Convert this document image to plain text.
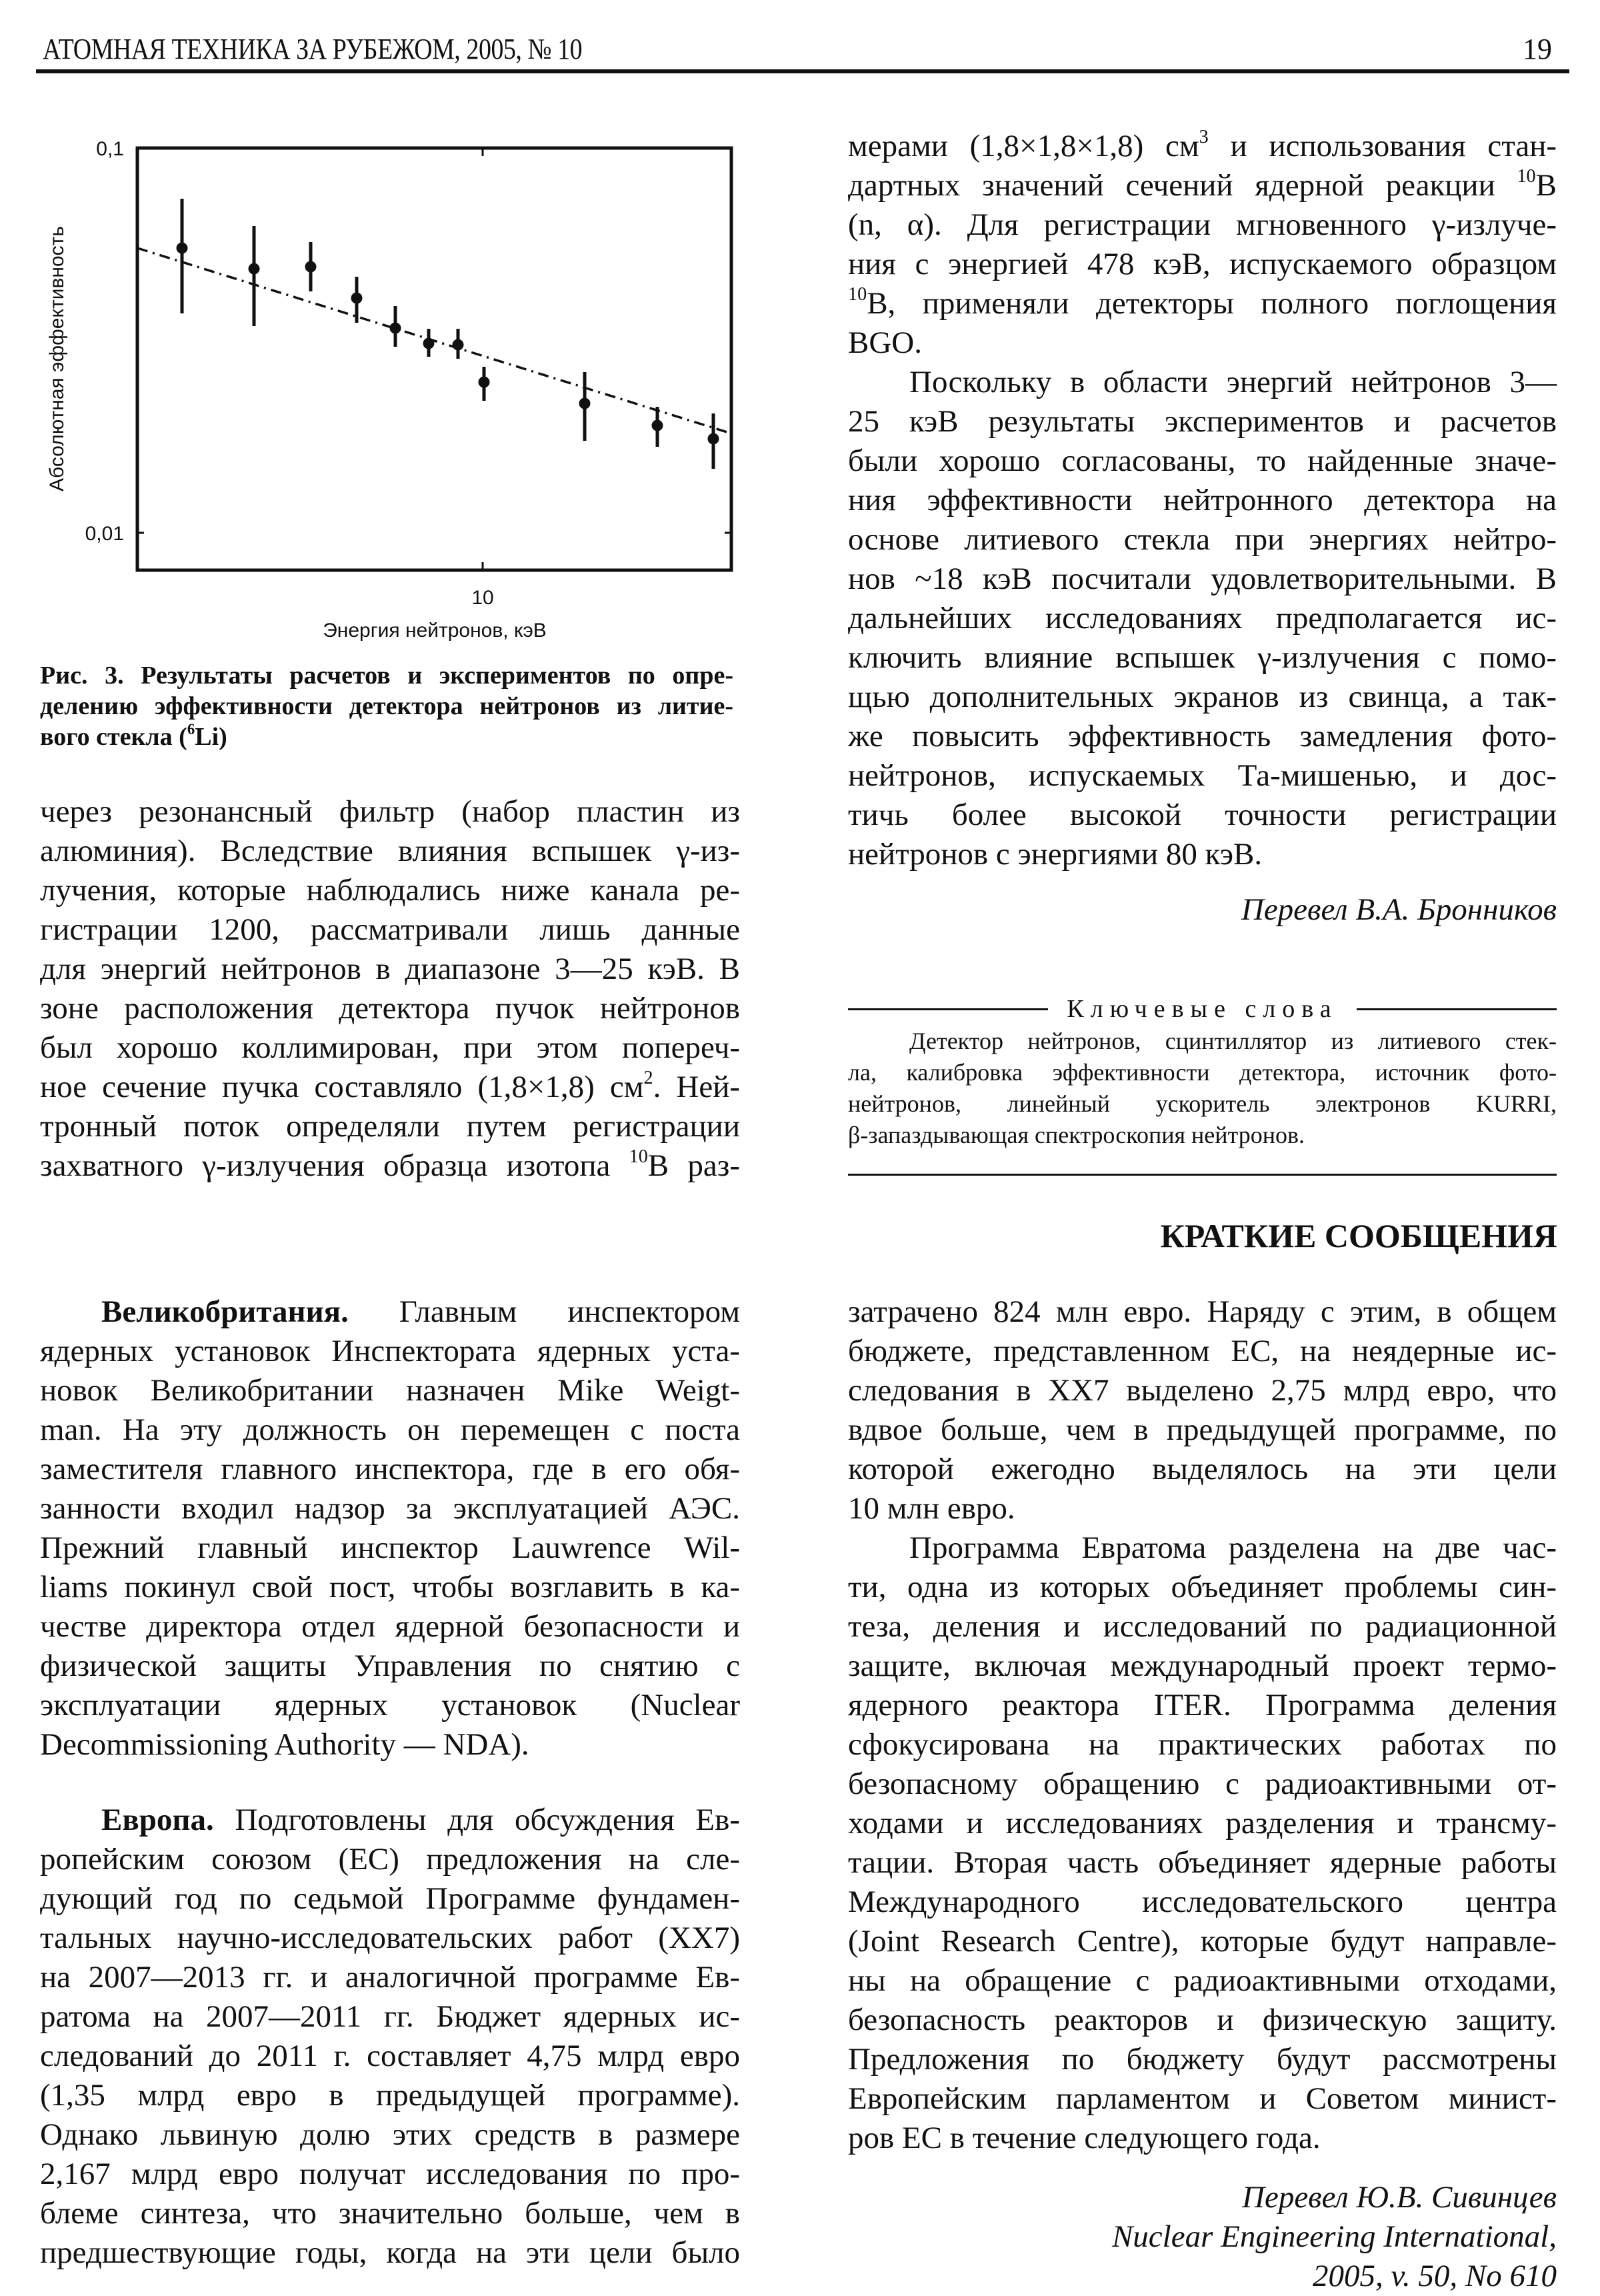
АТОМНАЯ ТЕХНИКА ЗА РУБЕЖОМ, 2005, № 10	19
0,1
0,01
10
Энергия нейтронов, кэВ
Абсолютная эффективность
Рис. 3. Результаты расчетов и экспериментов по опре-
делению эффективности детектора нейтронов из литие-
вого стекла ($^6$Li)
через резонансный фильтр (набор пластин из
алюминия). Вследствие влияния вспышек γ-из-
лучения, которые наблюдались ниже канала ре-
гистрации 1200, рассматривали лишь данные
для энергий нейтронов в диапазоне 3—25 кэВ. В
зоне расположения детектора пучок нейтронов
был хорошо коллимирован, при этом попереч-
ное сечение пучка составляло (1,8×1,8) $см^2$. Ней-
тронный поток определяли путем регистрации
захватного γ-излучения образца изотопа $^{10}$B раз-
мерами (1,8×1,8×1,8) $см^3$ и использования стан-
дартных значений сечений ядерной реакции $^{10}$B
(n, α). Для регистрации мгновенного γ-излуче-
ния с энергией 478 кэВ, испускаемого образцом
$^{10}$B, применяли детекторы полного поглощения
BGO.
Поскольку в области энергий нейтронов 3—
25 кэВ результаты экспериментов и расчетов
были хорошо согласованы, то найденные значе-
ния эффективности нейтронного детектора на
основе литиевого стекла при энергиях нейтро-
нов ~18 кэВ посчитали удовлетворительными. В
дальнейших исследованиях предполагается ис-
ключить влияние вспышек γ-излучения с помо-
щью дополнительных экранов из свинца, а так-
же повысить эффективность замедления фото-
нейтронов, испускаемых Та-мишенью, и дос-
тичь более высокой точности регистрации
нейтронов с энергиями 80 кэВ.
Перевел В.А. Бронников
Ключевые слова
Детектор нейтронов, сцинтиллятор из литиевого стек-
ла, калибровка эффективности детектора, источник фото-
нейтронов, линейный ускоритель электронов KURRI,
β-запаздывающая спектроскопия нейтронов.
КРАТКИЕ СООБЩЕНИЯ
Великобритания. Главным инспектором
ядерных установок Инспектората ядерных уста-
новок Великобритании назначен Mike Weigt-
man. На эту должность он перемещен с поста
заместителя главного инспектора, где в его обя-
занности входил надзор за эксплуатацией АЭС.
Прежний главный инспектор Lauwrence Wil-
liams покинул свой пост, чтобы возглавить в ка-
честве директора отдел ядерной безопасности и
физической защиты Управления по снятию с
эксплуатации ядерных установок (Nuclear
Decommissioning Authority — NDA).
Европа. Подготовлены для обсуждения Ев-
ропейским союзом (ЕС) предложения на сле-
дующий год по седьмой Программе фундамен-
тальных научно-исследовательских работ (ХХ7)
на 2007—2013 гг. и аналогичной программе Ев-
ратома на 2007—2011 гг. Бюджет ядерных ис-
следований до 2011 г. составляет 4,75 млрд евро
(1,35 млрд евро в предыдущей программе).
Однако львиную долю этих средств в размере
2,167 млрд евро получат исследования по про-
блеме синтеза, что значительно больше, чем в
предшествующие годы, когда на эти цели было
затрачено 824 млн евро. Наряду с этим, в общем
бюджете, представленном ЕС, на неядерные ис-
следования в ХХ7 выделено 2,75 млрд евро, что
вдвое больше, чем в предыдущей программе, по
которой ежегодно выделялось на эти цели
10 млн евро.
Программа Евратома разделена на две час-
ти, одна из которых объединяет проблемы син-
теза, деления и исследований по радиационной
защите, включая международный проект термо-
ядерного реактора ITER. Программа деления
сфокусирована на практических работах по
безопасному обращению с радиоактивными от-
ходами и исследованиях разделения и трансму-
тации. Вторая часть объединяет ядерные работы
Международного исследовательского центра
(Joint Research Centre), которые будут направле-
ны на обращение с радиоактивными отходами,
безопасность реакторов и физическую защиту.
Предложения по бюджету будут рассмотрены
Европейским парламентом и Советом минист-
ров ЕС в течение следующего года.
Перевел Ю.В. Сивинцев
Nuclear Engineering International,
2005, v. 50, No 610
